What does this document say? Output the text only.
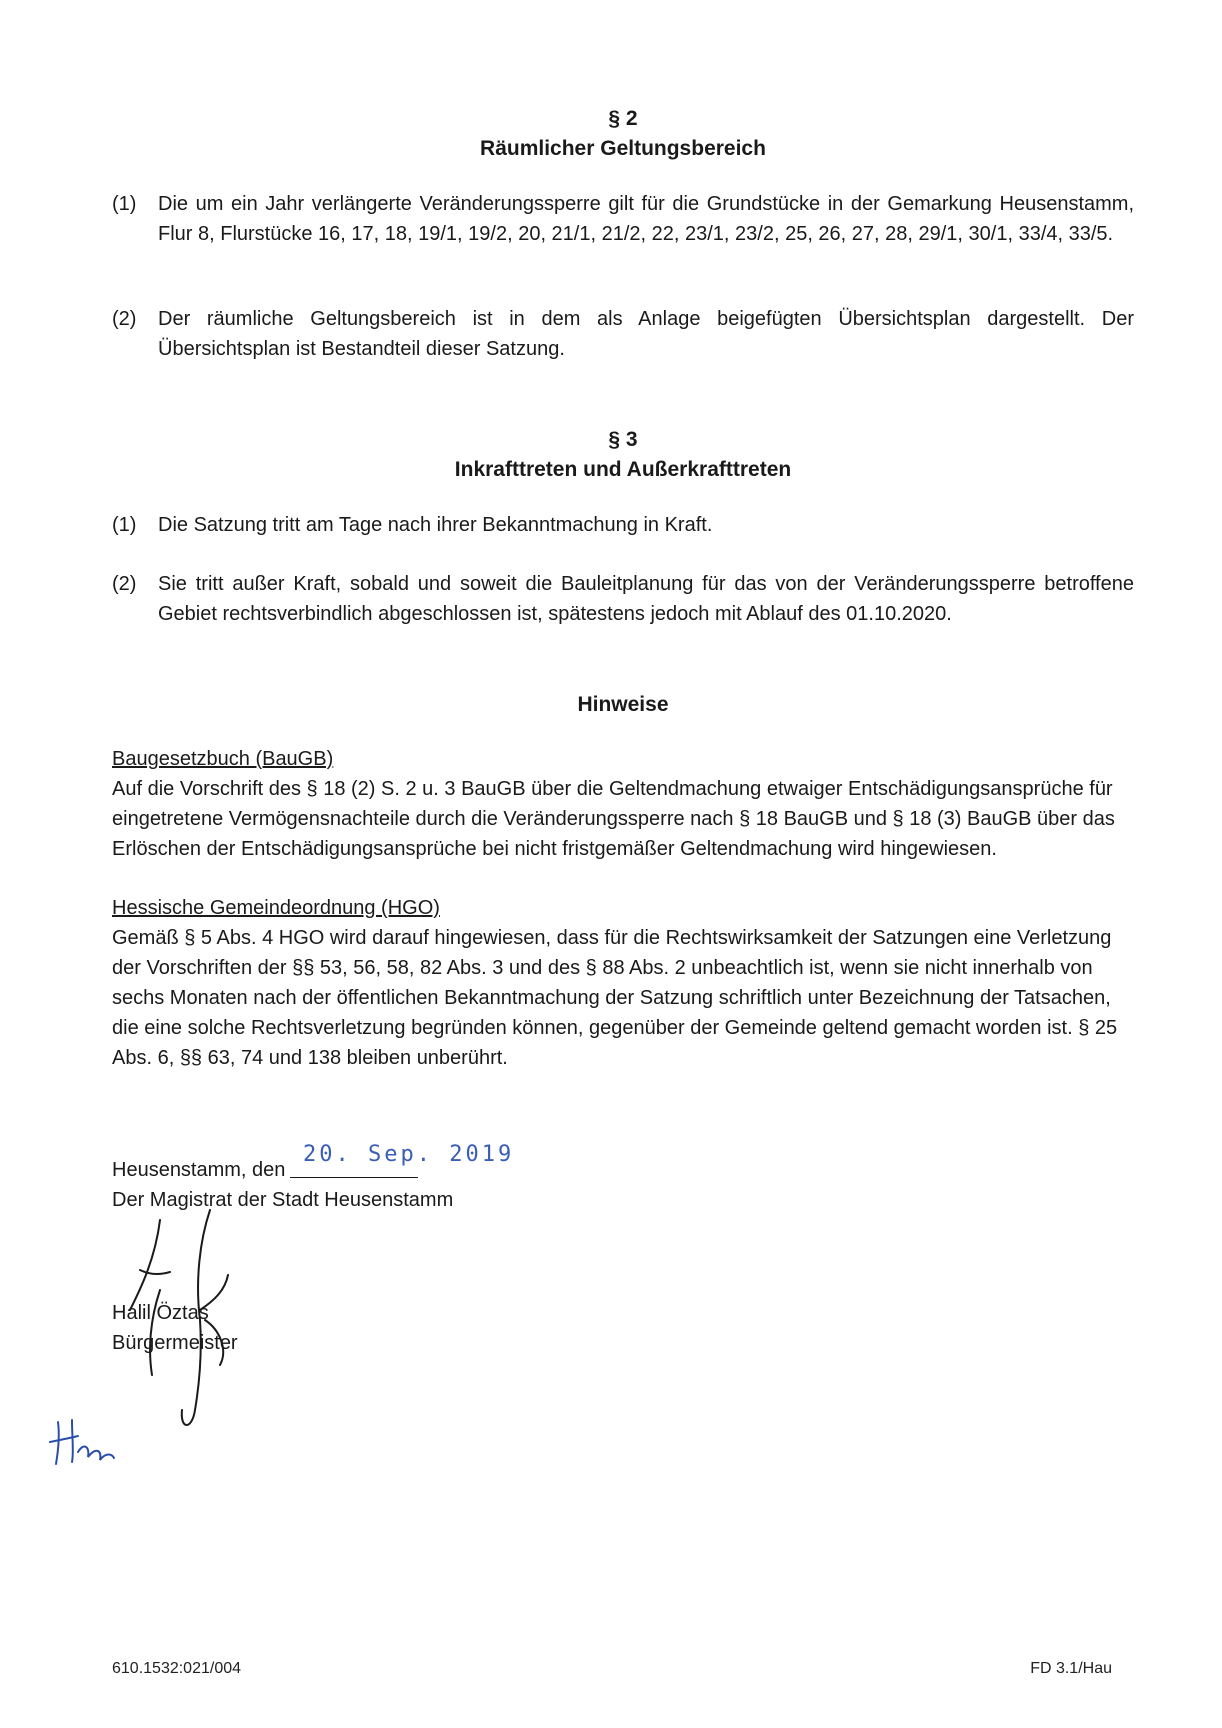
§ 2
Räumlicher Geltungsbereich
(1) Die um ein Jahr verlängerte Veränderungssperre gilt für die Grundstücke in der Gemarkung Heusenstamm, Flur 8, Flurstücke 16, 17, 18, 19/1, 19/2, 20, 21/1, 21/2, 22, 23/1, 23/2, 25, 26, 27, 28, 29/1, 30/1, 33/4, 33/5.
(2) Der räumliche Geltungsbereich ist in dem als Anlage beigefügten Übersichtsplan dargestellt. Der Übersichtsplan ist Bestandteil dieser Satzung.
§ 3
Inkrafttreten und Außerkrafttreten
(1) Die Satzung tritt am Tage nach ihrer Bekanntmachung in Kraft.
(2) Sie tritt außer Kraft, sobald und soweit die Bauleitplanung für das von der Veränderungssperre betroffene Gebiet rechtsverbindlich abgeschlossen ist, spätestens jedoch mit Ablauf des 01.10.2020.
Hinweise
Baugesetzbuch (BauGB)
Auf die Vorschrift des § 18 (2) S. 2 u. 3 BauGB über die Geltendmachung etwaiger Entschädigungsansprüche für eingetretene Vermögensnachteile durch die Veränderungssperre nach § 18 BauGB und § 18 (3) BauGB über das Erlöschen der Entschädigungsansprüche bei nicht fristgemäßer Geltendmachung wird hingewiesen.
Hessische Gemeindeordnung (HGO)
Gemäß § 5 Abs. 4 HGO wird darauf hingewiesen, dass für die Rechtswirksamkeit der Satzungen eine Verletzung der Vorschriften der §§ 53, 56, 58, 82 Abs. 3 und des § 88 Abs. 2 unbeachtlich ist, wenn sie nicht innerhalb von sechs Monaten nach der öffentlichen Bekanntmachung der Satzung schriftlich unter Bezeichnung der Tatsachen, die eine solche Rechtsverletzung begründen können, gegenüber der Gemeinde geltend gemacht worden ist. § 25 Abs. 6, §§ 63, 74 und 138 bleiben unberührt.
Heusenstamm, den
20. Sep. 2019
Der Magistrat der Stadt Heusenstamm
Halil Öztas
Bürgermeister
610.1532:021/004	FD 3.1/Hau
